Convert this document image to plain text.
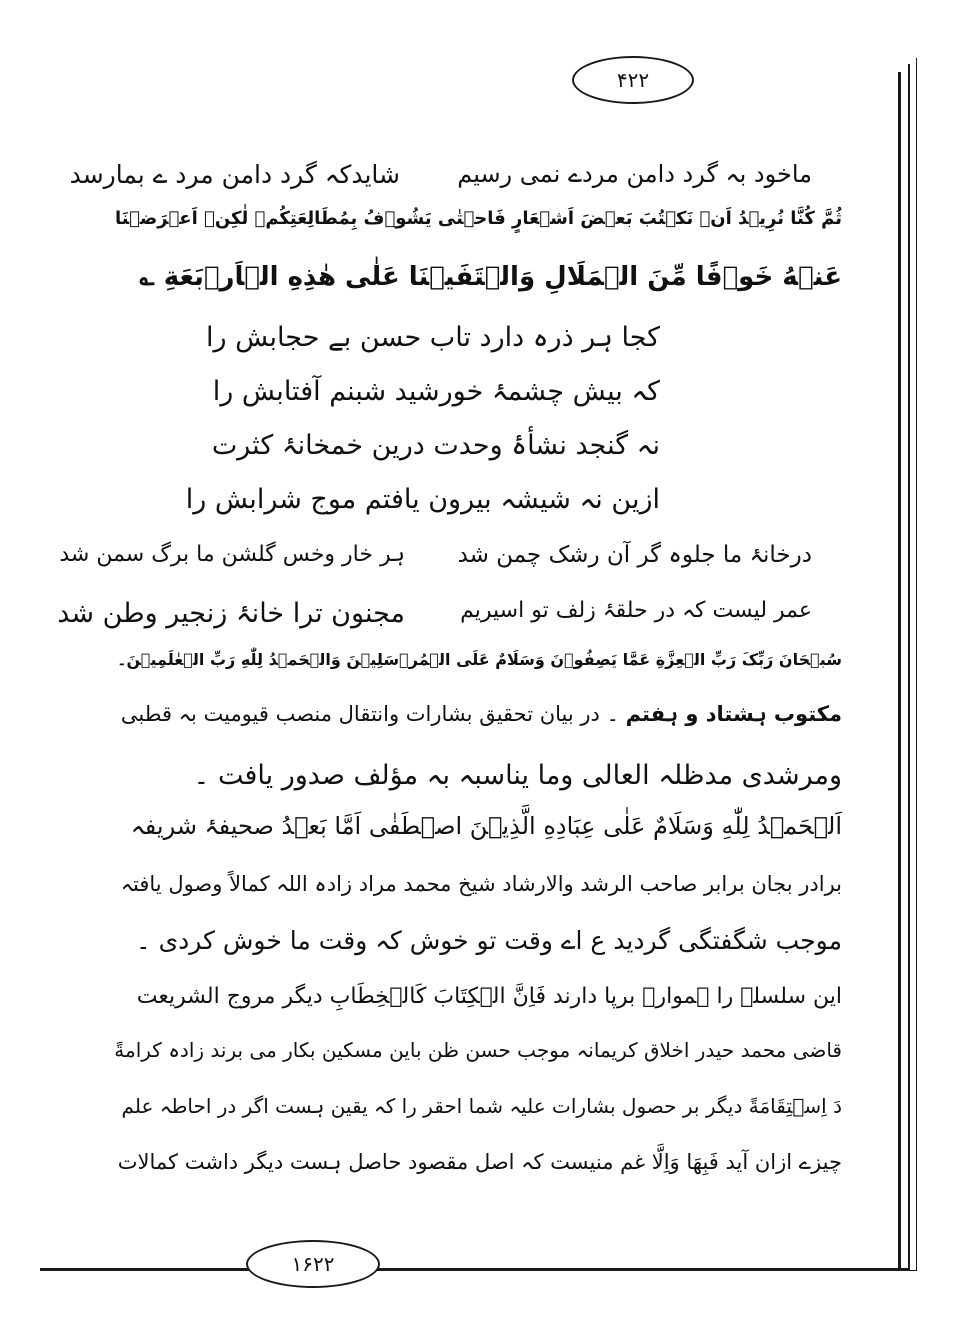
۴۲۲
ماخود بہ گرد دامن مردے نمی رسیم
شایدکہ گرد دامن مرد ے بمارسد
ثُمَّ کُنَّا نُرِیۡدُ اَنۡ نَکۡتُبَ بَعۡضَ اَشۡعَارٍ فَاحۡتٰی یَشُوۡفُ بِمُطَالِعَتِکُمۡ لٰکِنۡ اَعۡرَضۡنَا
عَنۡهُ خَوۡفًا مِّنَ الۡمَلَالِ وَالۡتَفَیۡنَا عَلٰی هٰذِهِ الۡاَرۡبَعَةِ ؎
کجا ہر ذرہ دارد تاب حسن بے حجابش را
کہ بیش چشمۂ خورشید شبنم آفتابش را
نہ گنجد نشأۂ وحدت درین خمخانۂ کثرت
ازین نہ شیشہ بیرون یافتم موج شرابش را
درخانۂ ما جلوہ گر آن رشک چمن شد
ہر خار وخس گلشن ما برگ سمن شد
عمر لیست کہ در حلقۂ زلف تو اسیریم
مجنون ترا خانۂ زنجیر وطن شد
سُبۡحَانَ رَبِّکَ رَبِّ الۡعِزَّةِ عَمَّا یَصِفُوۡنَ وَسَلَامٌ عَلَی الۡمُرۡسَلِیۡنَ وَالۡحَمۡدُ لِلّٰهِ رَبِّ الۡعٰلَمِیۡنَ۔
مکتوب ہشتاد و ہفتم ۔ در بیان تحقیق بشارات وانتقال منصب قیومیت بہ قطبی
ومرشدی مدظلہ العالی وما یناسبہ بہ مؤلف صدور یافت ۔
اَلۡحَمۡدُ لِلّٰهِ وَسَلَامٌ عَلٰی عِبَادِهِ الَّذِیۡنَ اصۡطَفٰی اَمَّا بَعۡدُ صحیفۂ شریفہ
برادر بجان برابر صاحب الرشد والارشاد شیخ محمد مراد زادہ اللہ کمالاً وصول یافتہ
موجب شگفتگی گردید ع اے وقت تو خوش کہ وقت ما خوش کردی ۔
این سلسلہ را ہموارہ برپا دارند فَاِنَّ الۡکِتَابَ کَالۡخِطَابِ دیگر مروج الشریعت
قاضی محمد حیدر اخلاق کریمانہ موجب حسن ظن باین مسکین بکار می برند زادہ کرامةً
دَ اِسۡتِقَامَةً دیگر بر حصول بشارات علیہ شما احقر را کہ یقین ہست اگر در احاطہ علم
چیزے ازان آید فَبِهَا وَاِلَّا غم منیست کہ اصل مقصود حاصل ہست دیگر داشت کمالات
۱۶۲۲
